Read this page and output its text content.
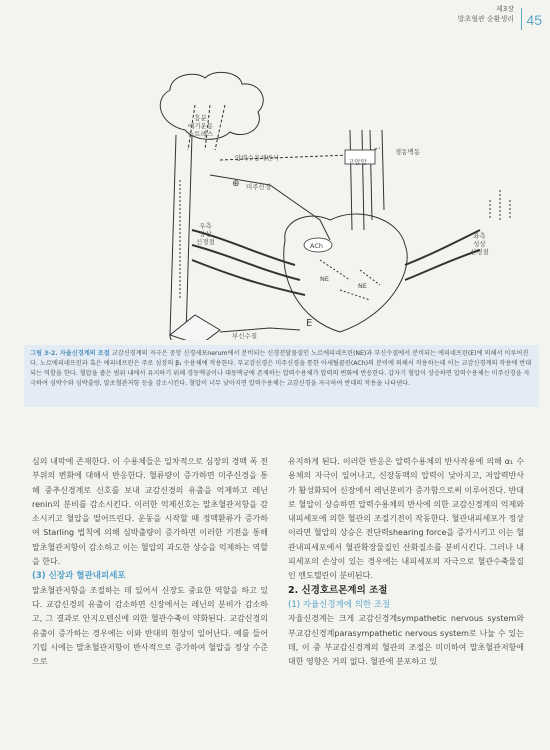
제3장
발초혈관 순환생리 45
흥분
에기운동
스트레스
압력수용체반사	고압압
경동맥동
⊕ 미주신경
우측
상상
신경절
좌측
성상
신경절
ACh
NE
NE
부신수질
E
그림 3-2. 자율신경계의 조절 교감신경계의 자극은 중앙 신경세포nerum에서 분비되는 신경전달물질인 노르에피네프린(NE)과 부신수질에서 분비되는 에피네프린(E)에 의해서 이루어진다. 노르에피네프린과 혹은 에피네프린은 주로 심장의 β₁ 수용체에 작용한다. 부교감신경은 미주신경을 통한 아세틸콜린(ACh)의 분비에 의해서 작용하는데 이는 교감신경계의 작용에 반대되는 역할을 한다. 혈압을 좁은 범위 내에서 유지하기 위해 경동맥궁이나 대동맥궁에 존재하는 압력수용체가 압력의 변화에 반응한다. 갑자기 혈압이 상승하면 압력수용체는 미주신경을 자극하여 심박수와 심박출량, 말초혈관저항 등을 감소시킨다. 혈압이 너무 낮아지면 압력수용체는 교감신경을 자극하여 반대의 작용을 나타낸다.

심의 내막에 존재한다. 이 수용체들은 일차적으로 심장의 경맥 폭 전부위의 변화에 대해서 반응한다. 혈류량이 증가하면 미주신경을 통해 중추신경계로 신호를 보내 교감신경의 유출을 억제하고 레닌renin의 분비를 감소시킨다. 이러한 억제신호는 말초혈관저항을 감소시키고 혈압을 떨어뜨린다. 운동을 시작할 때 정맥환류가 증가하여 Starling 법칙에 의해 심박출량이 증가하면 이러한 기전을 통해 말초혈관저항이 감소하고 이는 혈압의 과도한 상승을 억제하는 역할을 한다.

(3) 신장과 혈관내피세포

말초혈관저항을 조절하는 데 있어서 신장도 중요한 역할을 하고 있다. 교감신경의 유출이 감소하면 신장에서는 레닌의 분비가 감소하고, 그 결과로 안지오텐신에 의한 혈관수축이 약화된다. 교감신경의 유출이 증가하는 경우에는 이와 반대의 현상이 일어난다. 예를 들어 기립 시에는 말초혈관저항이 반사적으로 증가하여 혈압을 정상 수준으로

유지하게 된다. 이러한 반응은 압력수용체의 반사작용에 의해 α₁ 수용체의 자극이 일어나고, 신장동맥의 압력이 낮아지고, 저압력반사가 활성화되어 신장에서 레닌분비가 증가함으로써 이루어진다. 반대로 혈압이 상승하면 압력수용체의 반사에 의한 교감신경계의 억제와 내피세포에 의한 혈관의 조절기전이 작동한다. 혈관내피세포가 정상이라면 혈압의 상승은 전단력shearing force을 증가시키고 이는 혈관내피세포에서 혈관확장물질인 산화질소를 분비시킨다. 그러나 내피세포의 손상이 있는 경우에는 내피세포의 자극으로 혈관수축물질인 엔도텔린이 분비된다.

2. 신경호르몬계의 조절

(1) 자율신경계에 의한 조절

자율신경계는 크게 교감신경계sympathetic nervous system와 부교감신경계parasympathetic nervous system로 나눌 수 있는데, 이 중 부교감신경계의 혈관의 조절은 미미하여 말초혈관저항에 대한 영향은 거의 없다. 혈관에 분포하고 있
